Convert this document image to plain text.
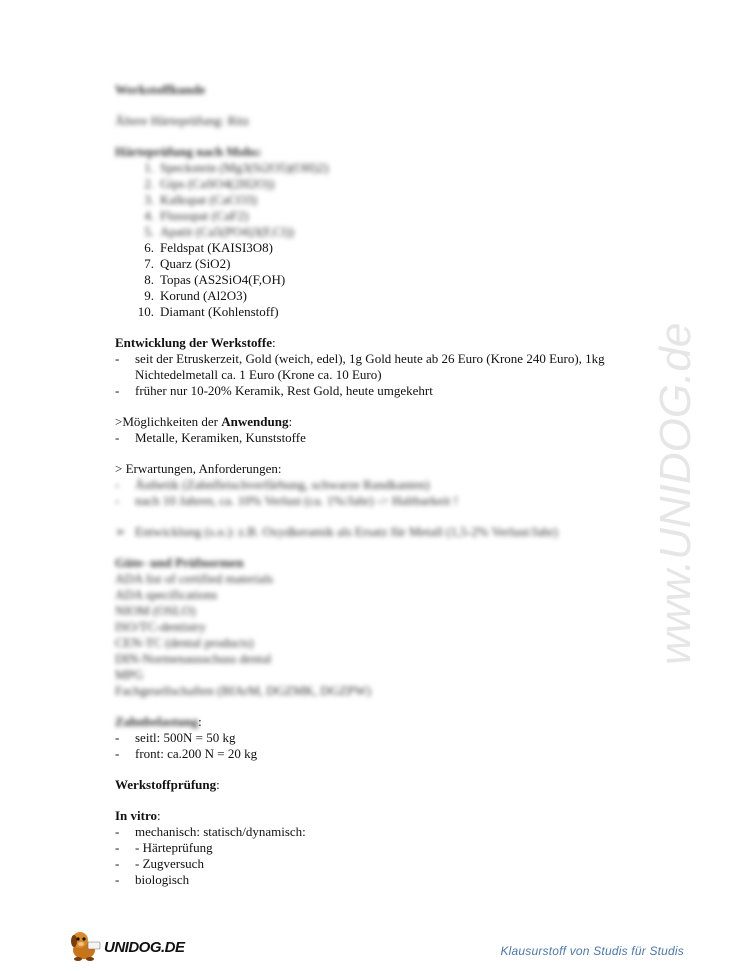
Werkstoffkunde
Ältere Härteprüfung: Ritz
Härteprüfung nach Mohs:
1. Speckstein (Mg3(Si2O5)(OH)2)
2. Gips (CaSO4(2H2O))
3. Kalkspat (CaCO3)
4. Flussspat (CaF2)
5. Apatit (Ca5(PO4)3(F,Cl))
6. Feldspat (KAISI3O8)
7. Quarz (SiO2)
8. Topas (AS2SiO4(F,OH)
9. Korund (Al2O3)
10. Diamant (Kohlenstoff)
Entwicklung der Werkstoffe:
- seit der Etruskerzeit, Gold (weich, edel), 1g Gold heute ab 26 Euro (Krone 240 Euro), 1kg Nichtedelmetall ca. 1 Euro (Krone ca. 10 Euro)
- früher nur 10-20% Keramik, Rest Gold, heute umgekehrt
>Möglichkeiten der Anwendung:
- Metalle, Keramiken, Kunststoffe
> Erwartungen, Anforderungen:
- Ästhetik (Zahnfleischverfärbung, schwarze Randkanten)
- nach 10 Jahren, ca. 10% Verlust (ca. 1%/Jahr) -> Haltbarkeit !
➢ Entwicklung (s.o.): z.B. Oxydkeramik als Ersatz für Metall (1,5-2% Verlust/Jahr)
Güte- und Prüfnormen
ADA list of certified materials
ADA specifications
NIOM (OSLO)
ISO/TC-dentistry
CEN-TC (dental products)
DIN-Normenausschuss dental
MPG
Fachgesellschaften (BfArM, DGZMK, DGZPW)
Zahnbelastung:
- seitl: 500N = 50 kg
- front: ca.200 N = 20 kg
Werkstoffprüfung:
In vitro:
- mechanisch: statisch/dynamisch:
- - Härteprüfung
- - Zugversuch
- biologisch
www.UNIDOG.de
UNIDOG.DE	Klausurstoff von Studis für Studis
